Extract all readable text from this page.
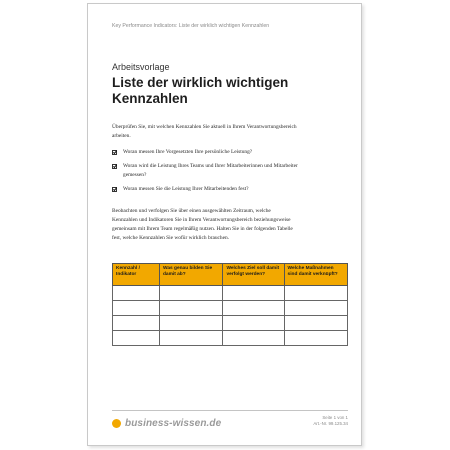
Key Performance Indicators: Liste der wirklich wichtigen Kennzahlen
Arbeitsvorlage
Liste der wirklich wichtigen Kennzahlen
Überprüfen Sie, mit welchen Kennzahlen Sie aktuell in Ihrem Verantwortungsbereich arbeiten.
Woran messen Ihre Vorgesetzten Ihre persönliche Leistung?
Woran wird die Leistung Ihres Teams und Ihrer Mitarbeiterinnen und Mitarbeiter gemessen?
Woran messen Sie die Leistung Ihrer Mitarbeitenden fest?
Beobachten und verfolgen Sie über einen ausgewählten Zeitraum, welche Kennzahlen und Indikatoren Sie in Ihrem Verantwortungsbereich beziehungsweise gemeinsam mit Ihrem Team regelmäßig nutzen. Halten Sie in der folgenden Tabelle fest, welche Kennzahlen Sie wofür wirklich brauchen.
Kennzahl / Indikator	Was genau bilden Sie damit ab?	Welches Ziel soll damit verfolgt werden?	Welche Maßnahmen sind damit verknüpft?

business-wissen.de
Seite 1 von 1
Art.-Nr. 99.125.34
